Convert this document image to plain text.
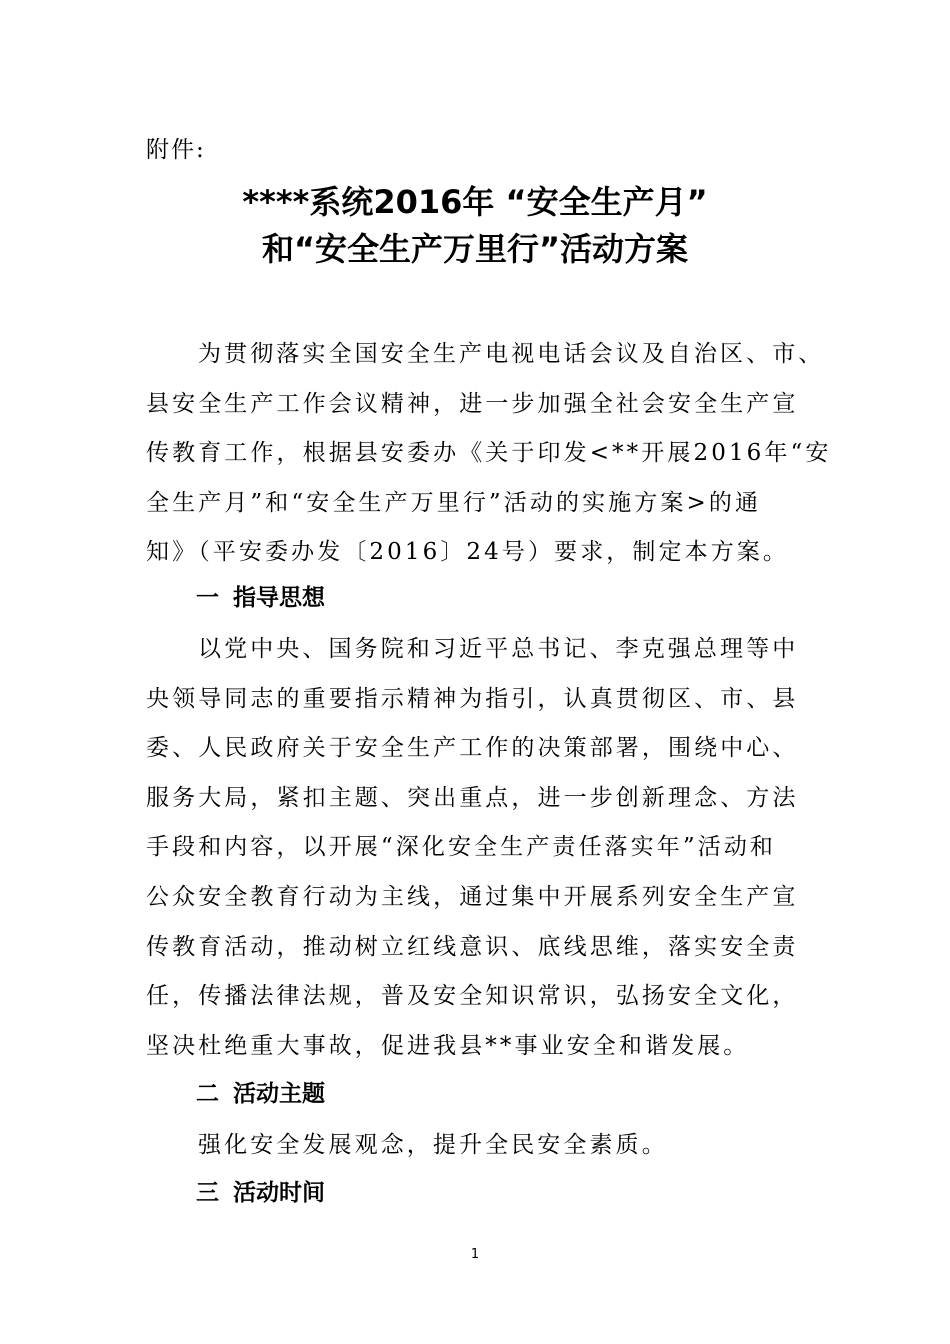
附件:
****系统2016年 “安全生产月”
和“安全生产万里行”活动方案
为贯彻落实全国安全生产电视电话会议及自治区、市、
县安全生产工作会议精神，进一步加强全社会安全生产宣
传教育工作，根据县安委办《关于印发<**开展2016年“安
全生产月”和“安全生产万里行”活动的实施方案>的通
知》（平安委办发〔2016〕24号）要求，制定本方案。
一 指导思想
以党中央、国务院和习近平总书记、李克强总理等中
央领导同志的重要指示精神为指引，认真贯彻区、市、县
委、人民政府关于安全生产工作的决策部署，围绕中心、
服务大局，紧扣主题、突出重点，进一步创新理念、方法
手段和内容，以开展“深化安全生产责任落实年”活动和
公众安全教育行动为主线，通过集中开展系列安全生产宣
传教育活动，推动树立红线意识、底线思维，落实安全责
任，传播法律法规，普及安全知识常识，弘扬安全文化，
坚决杜绝重大事故，促进我县**事业安全和谐发展。
二 活动主题
强化安全发展观念，提升全民安全素质。
三 活动时间
1
